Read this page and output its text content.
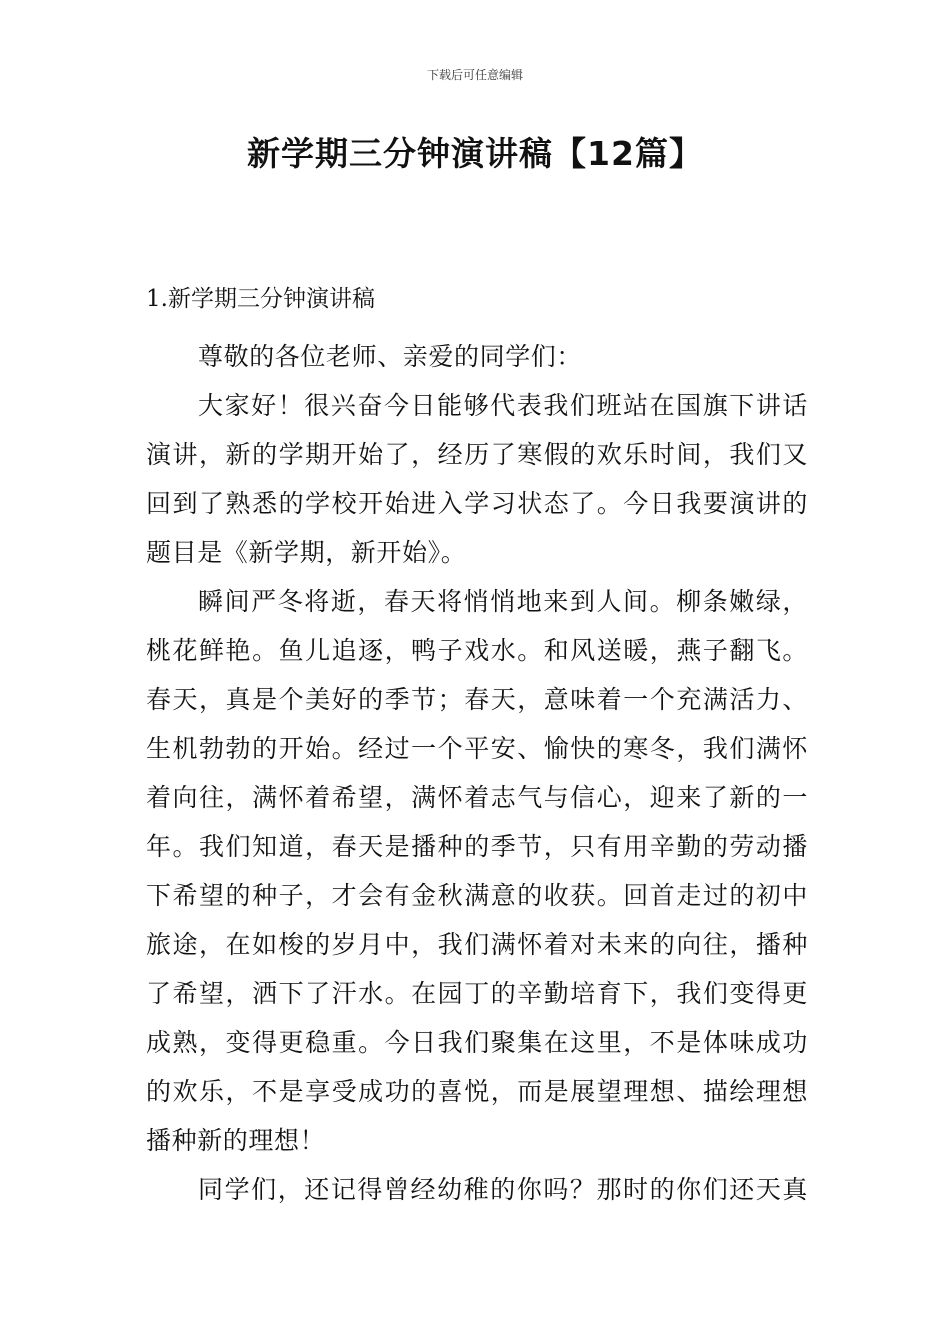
下载后可任意编辑
新学期三分钟演讲稿【12篇】
1.新学期三分钟演讲稿
尊敬的各位老师、亲爱的同学们：
大家好！很兴奋今日能够代表我们班站在国旗下讲话
演讲，新的学期开始了，经历了寒假的欢乐时间，我们又
回到了熟悉的学校开始进入学习状态了。今日我要演讲的
题目是《新学期，新开始》。
瞬间严冬将逝，春天将悄悄地来到人间。柳条嫩绿，
桃花鲜艳。鱼儿追逐，鸭子戏水。和风送暖，燕子翻飞。
春天，真是个美好的季节；春天，意味着一个充满活力、
生机勃勃的开始。经过一个平安、愉快的寒冬，我们满怀
着向往，满怀着希望，满怀着志气与信心，迎来了新的一
年。我们知道，春天是播种的季节，只有用辛勤的劳动播
下希望的种子，才会有金秋满意的收获。回首走过的初中
旅途，在如梭的岁月中，我们满怀着对未来的向往，播种
了希望，洒下了汗水。在园丁的辛勤培育下，我们变得更
成熟，变得更稳重。今日我们聚集在这里，不是体味成功
的欢乐，不是享受成功的喜悦，而是展望理想、描绘理想
播种新的理想！
同学们，还记得曾经幼稚的你吗？那时的你们还天真
